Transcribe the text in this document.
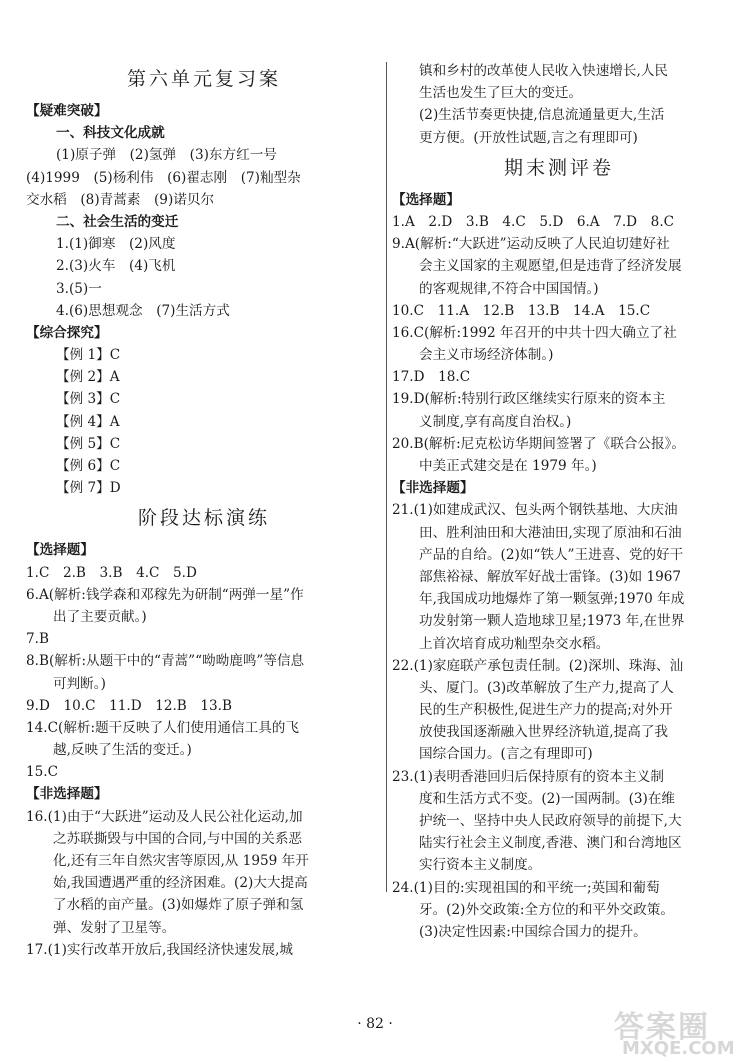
第六单元复习案
【疑难突破】
一、科技文化成就
(1)原子弹　(2)氢弹　(3)东方红一号
(4)1999　(5)杨利伟　(6)翟志刚　(7)籼型杂
交水稻　(8)青蒿素　(9)诺贝尔
二、社会生活的变迁
1.(1)御寒　(2)风度
2.(3)火车　(4)飞机
3.(5)一
4.(6)思想观念　(7)生活方式
【综合探究】
【例 1】C
【例 2】A
【例 3】C
【例 4】A
【例 5】C
【例 6】C
【例 7】D
阶段达标演练
【选择题】
1.C　2.B　3.B　4.C　5.D
6.A(解析:钱学森和邓稼先为研制“两弹一星”作
出了主要贡献。)
7.B
8.B(解析:从题干中的“青蒿”“呦呦鹿鸣”等信息
可判断。)
9.D　10.C　11.D　12.B　13.B
14.C(解析:题干反映了人们使用通信工具的飞
越,反映了生活的变迁。)
15.C
【非选择题】
16.(1)由于“大跃进”运动及人民公社化运动,加
之苏联撕毁与中国的合同,与中国的关系恶
化,还有三年自然灾害等原因,从 1959 年开
始,我国遭遇严重的经济困难。(2)大大提高
了水稻的亩产量。(3)如爆炸了原子弹和氢
弹、发射了卫星等。
17.(1)实行改革开放后,我国经济快速发展,城
镇和乡村的改革使人民收入快速增长,人民
生活也发生了巨大的变迁。
(2)生活节奏更快捷,信息流通量更大,生活
更方便。(开放性试题,言之有理即可)
期末测评卷
【选择题】
1.A　2.D　3.B　4.C　5.D　6.A　7.D　8.C
9.A(解析:“大跃进”运动反映了人民迫切建好社
会主义国家的主观愿望,但是违背了经济发展
的客观规律,不符合中国国情。)
10.C　11.A　12.B　13.B　14.A　15.C
16.C(解析:1992 年召开的中共十四大确立了社
会主义市场经济体制。)
17.D　18.C
19.D(解析:特别行政区继续实行原来的资本主
义制度,享有高度自治权。)
20.B(解析:尼克松访华期间签署了《联合公报》。
中美正式建交是在 1979 年。)
【非选择题】
21.(1)如建成武汉、包头两个钢铁基地、大庆油
田、胜利油田和大港油田,实现了原油和石油
产品的自给。(2)如“铁人”王进喜、党的好干
部焦裕禄、解放军好战士雷锋。(3)如 1967
年,我国成功地爆炸了第一颗氢弹;1970 年成
功发射第一颗人造地球卫星;1973 年,在世界
上首次培育成功籼型杂交水稻。
22.(1)家庭联产承包责任制。(2)深圳、珠海、汕
头、厦门。(3)改革解放了生产力,提高了人
民的生产积极性,促进生产力的提高;对外开
放使我国逐渐融入世界经济轨道,提高了我
国综合国力。(言之有理即可)
23.(1)表明香港回归后保持原有的资本主义制
度和生活方式不变。(2)一国两制。(3)在维
护统一、坚持中央人民政府领导的前提下,大
陆实行社会主义制度,香港、澳门和台湾地区
实行资本主义制度。
24.(1)目的:实现祖国的和平统一;英国和葡萄
牙。(2)外交政策:全方位的和平外交政策。
(3)决定性因素:中国综合国力的提升。
· 82 ·	答案圈
MXQE.COM
